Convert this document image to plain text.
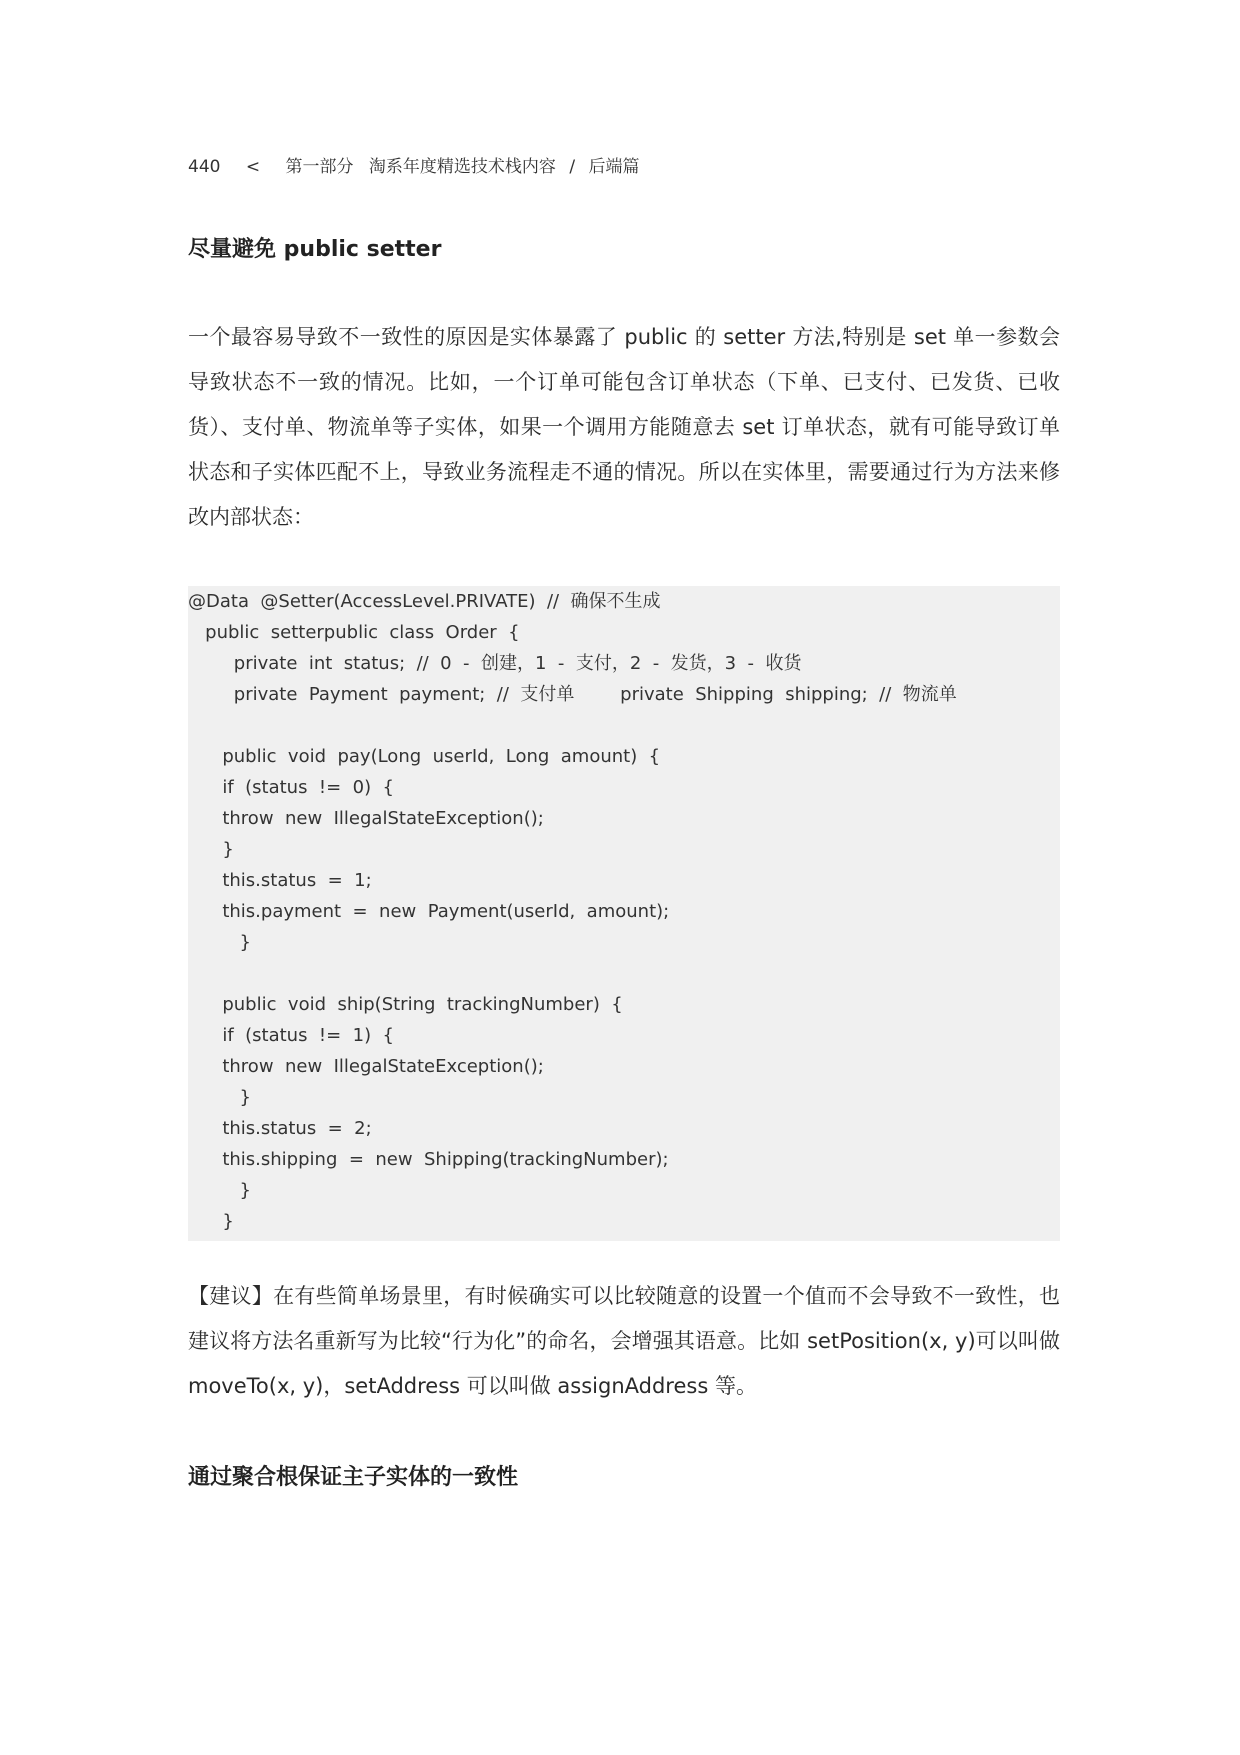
440 < 第一部分 淘系年度精选技术栈内容 / 后端篇
尽量避免 public setter
一个最容易导致不一致性的原因是实体暴露了 public 的 setter 方法,特别是 set 单一参数会导致状态不一致的情况。比如，一个订单可能包含订单状态（下单、已支付、已发货、已收货）、支付单、物流单等子实体，如果一个调用方能随意去 set 订单状态，就有可能导致订单状态和子实体匹配不上，导致业务流程走不通的情况。所以在实体里，需要通过行为方法来修改内部状态：
@Data  @Setter(AccessLevel.PRIVATE)  //  确保不生成
public  setterpublic  class  Order  {
private  int  status;  //  0  -  创建，1  -  支付，2  -  发货，3  -  收货
private  Payment  payment;  //  支付单        private  Shipping  shipping;  //  物流单
public  void  pay(Long  userId,  Long  amount)  {
if  (status  !=  0)  {
throw  new  IllegalStateException();
}
this.status  =  1;
this.payment  =  new  Payment(userId,  amount);
}
public  void  ship(String  trackingNumber)  {
if  (status  !=  1)  {
throw  new  IllegalStateException();
}
this.status  =  2;
this.shipping  =  new  Shipping(trackingNumber);
}
}
【建议】在有些简单场景里，有时候确实可以比较随意的设置一个值而不会导致不一致性，也建议将方法名重新写为比较“行为化”的命名，会增强其语意。比如 setPosition(x, y)可以叫做 moveTo(x, y)，setAddress 可以叫做 assignAddress 等。
通过聚合根保证主子实体的一致性
